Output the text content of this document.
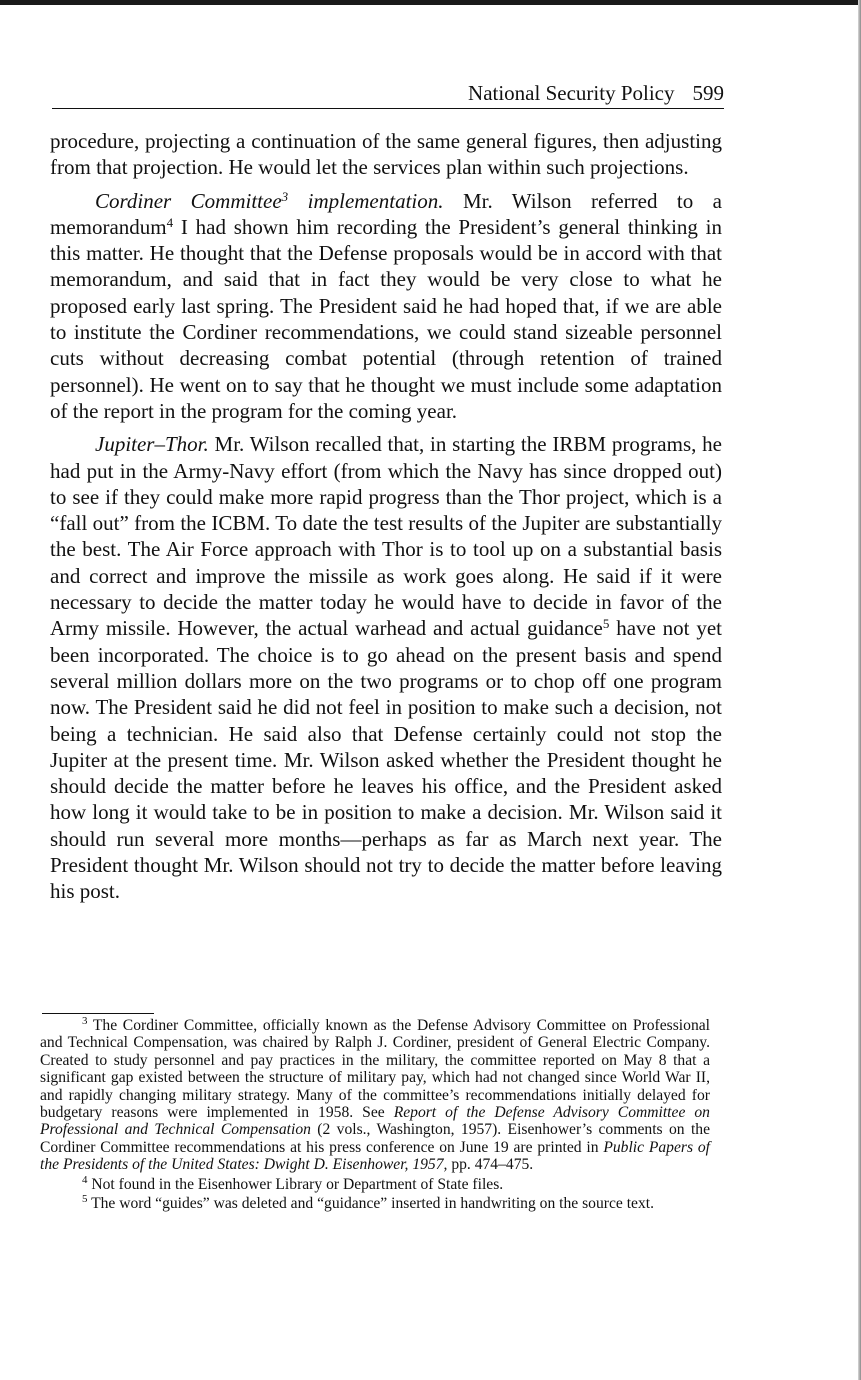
National Security Policy 599

procedure, projecting a continuation of the same general figures, then adjusting from that projection. He would let the services plan within such projections.

Cordiner Committee$^3$ implementation. Mr. Wilson referred to a memorandum$^4$ I had shown him recording the President’s general thinking in this matter. He thought that the Defense proposals would be in accord with that memorandum, and said that in fact they would be very close to what he proposed early last spring. The President said he had hoped that, if we are able to institute the Cordiner recommendations, we could stand sizeable personnel cuts without decreasing combat potential (through retention of trained personnel). He went on to say that he thought we must include some adaptation of the report in the program for the coming year.

Jupiter–Thor. Mr. Wilson recalled that, in starting the IRBM programs, he had put in the Army-Navy effort (from which the Navy has since dropped out) to see if they could make more rapid progress than the Thor project, which is a “fall out” from the ICBM. To date the test results of the Jupiter are substantially the best. The Air Force approach with Thor is to tool up on a substantial basis and correct and improve the missile as work goes along. He said if it were necessary to decide the matter today he would have to decide in favor of the Army missile. However, the actual warhead and actual guidance$^5$ have not yet been incorporated. The choice is to go ahead on the present basis and spend several million dollars more on the two programs or to chop off one program now. The President said he did not feel in position to make such a decision, not being a technician. He said also that Defense certainly could not stop the Jupiter at the present time. Mr. Wilson asked whether the President thought he should decide the matter before he leaves his office, and the President asked how long it would take to be in position to make a decision. Mr. Wilson said it should run several more months—perhaps as far as March next year. The President thought Mr. Wilson should not try to decide the matter before leaving his post.

$^3$ The Cordiner Committee, officially known as the Defense Advisory Committee on Professional and Technical Compensation, was chaired by Ralph J. Cordiner, president of General Electric Company. Created to study personnel and pay practices in the military, the committee reported on May 8 that a significant gap existed between the structure of military pay, which had not changed since World War II, and rapidly changing military strategy. Many of the committee’s recommendations initially delayed for budgetary reasons were implemented in 1958. See Report of the Defense Advisory Committee on Professional and Technical Compensation (2 vols., Washington, 1957). Eisenhower’s comments on the Cordiner Committee recommendations at his press conference on June 19 are printed in Public Papers of the Presidents of the United States: Dwight D. Eisenhower, 1957, pp. 474–475.

$^4$ Not found in the Eisenhower Library or Department of State files.

$^5$ The word “guides” was deleted and “guidance” inserted in handwriting on the source text.
